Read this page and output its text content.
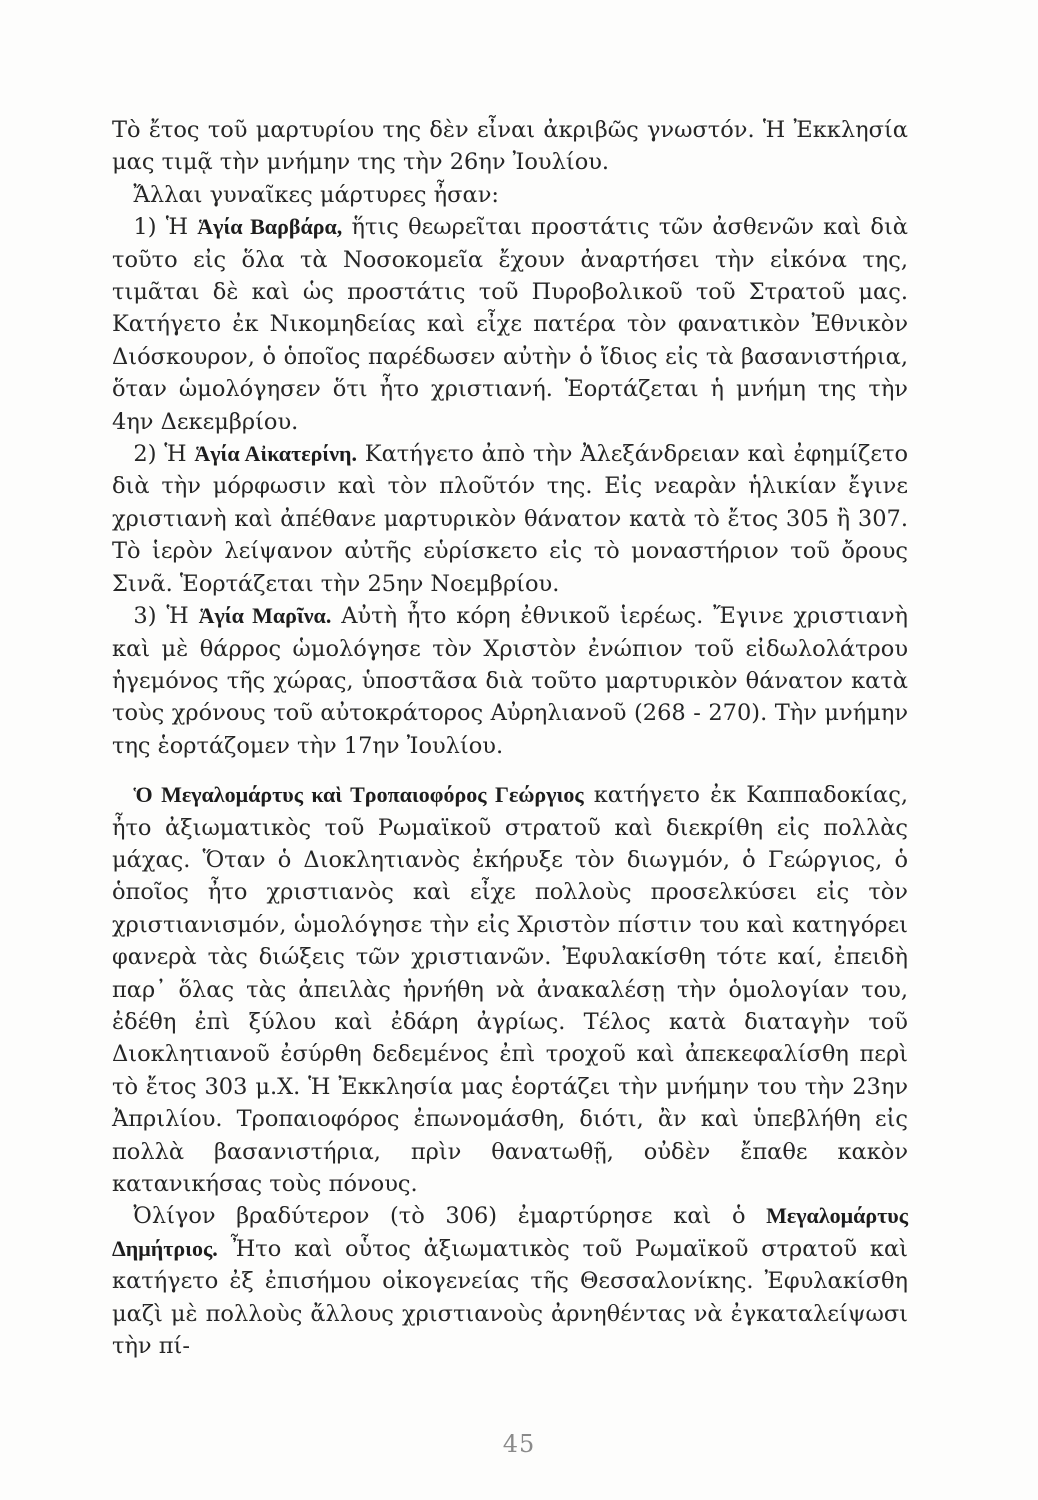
Τὸ ἔτος τοῦ μαρτυρίου της δὲν εἶναι ἀκριβῶς γνωστόν. Ἡ Ἐκκλησία μας τιμᾷ τὴν μνήμην της τὴν 26ην Ἰουλίου.

Ἄλλαι γυναῖκες μάρτυρες ἦσαν:

1) Ἡ Ἁγία Βαρβάρα, ἥτις θεωρεῖται προστάτις τῶν ἀσθενῶν καὶ διὰ τοῦτο εἰς ὅλα τὰ Νοσοκομεῖα ἔχουν ἀναρτήσει τὴν εἰκόνα της, τιμᾶται δὲ καὶ ὡς προστάτις τοῦ Πυροβολικοῦ τοῦ Στρατοῦ μας. Κατήγετο ἐκ Νικομηδείας καὶ εἶχε πατέρα τὸν φανατικὸν Ἐθνικὸν Διόσκουρον, ὁ ὁποῖος παρέδωσεν αὐτὴν ὁ ἴδιος εἰς τὰ βασανιστήρια, ὅταν ὡμολόγησεν ὅτι ἦτο χριστιανή. Ἑορτάζεται ἡ μνήμη της τὴν 4ην Δεκεμβρίου.

2) Ἡ Ἁγία Αἰκατερίνη. Κατήγετο ἀπὸ τὴν Ἀλεξάνδρειαν καὶ ἐφημίζετο διὰ τὴν μόρφωσιν καὶ τὸν πλοῦτόν της. Εἰς νεαρὰν ἡλικίαν ἔγινε χριστιανὴ καὶ ἀπέθανε μαρτυρικὸν θάνατον κατὰ τὸ ἔτος 305 ἢ 307. Τὸ ἱερὸν λείψανον αὐτῆς εὑρίσκετο εἰς τὸ μοναστήριον τοῦ ὄρους Σινᾶ. Ἑορτάζεται τὴν 25ην Νοεμβρίου.

3) Ἡ Ἁγία Μαρῖνα. Αὐτὴ ἦτο κόρη ἐθνικοῦ ἱερέως. Ἔγινε χριστιανὴ καὶ μὲ θάρρος ὡμολόγησε τὸν Χριστὸν ἐνώπιον τοῦ εἰδωλολάτρου ἡγεμόνος τῆς χώρας, ὑποστᾶσα διὰ τοῦτο μαρτυρικὸν θάνατον κατὰ τοὺς χρόνους τοῦ αὐτοκράτορος Αὐρηλιανοῦ (268 - 270). Τὴν μνήμην της ἑορτάζομεν τὴν 17ην Ἰουλίου.

Ὁ Μεγαλομάρτυς καὶ Τροπαιοφόρος Γεώργιος κατήγετο ἐκ Καππαδοκίας, ἦτο ἀξιωματικὸς τοῦ Ρωμαϊκοῦ στρατοῦ καὶ διεκρίθη εἰς πολλὰς μάχας. Ὅταν ὁ Διοκλητιανὸς ἐκήρυξε τὸν διωγμόν, ὁ Γεώργιος, ὁ ὁποῖος ἦτο χριστιανὸς καὶ εἶχε πολλοὺς προσελκύσει εἰς τὸν χριστιανισμόν, ὡμολόγησε τὴν εἰς Χριστὸν πίστιν του καὶ κατηγόρει φανερὰ τὰς διώξεις τῶν χριστιανῶν. Ἐφυλακίσθη τότε καί, ἐπειδὴ παρ᾽ ὅλας τὰς ἀπειλὰς ἠρνήθη νὰ ἀνακαλέσῃ τὴν ὁμολογίαν του, ἐδέθη ἐπὶ ξύλου καὶ ἐδάρη ἀγρίως. Τέλος κατὰ διαταγὴν τοῦ Διοκλητιανοῦ ἐσύρθη δεδεμένος ἐπὶ τροχοῦ καὶ ἀπεκεφαλίσθη περὶ τὸ ἔτος 303 μ.Χ. Ἡ Ἐκκλησία μας ἑορτάζει τὴν μνήμην του τὴν 23ην Ἀπριλίου. Τροπαιοφόρος ἐπωνομάσθη, διότι, ἂν καὶ ὑπεβλήθη εἰς πολλὰ βασανιστήρια, πρὶν θανατωθῇ, οὐδὲν ἔπαθε κακὸν κατανικήσας τοὺς πόνους.

Ὀλίγον βραδύτερον (τὸ 306) ἐμαρτύρησε καὶ ὁ Μεγαλομάρτυς Δημήτριος. Ἦτο καὶ οὗτος ἀξιωματικὸς τοῦ Ρωμαϊκοῦ στρατοῦ καὶ κατήγετο ἐξ ἐπισήμου οἰκογενείας τῆς Θεσσαλονίκης. Ἐφυλακίσθη μαζὶ μὲ πολλοὺς ἄλλους χριστιανοὺς ἀρνηθέντας νὰ ἐγκαταλείψωσι τὴν πί-

45
